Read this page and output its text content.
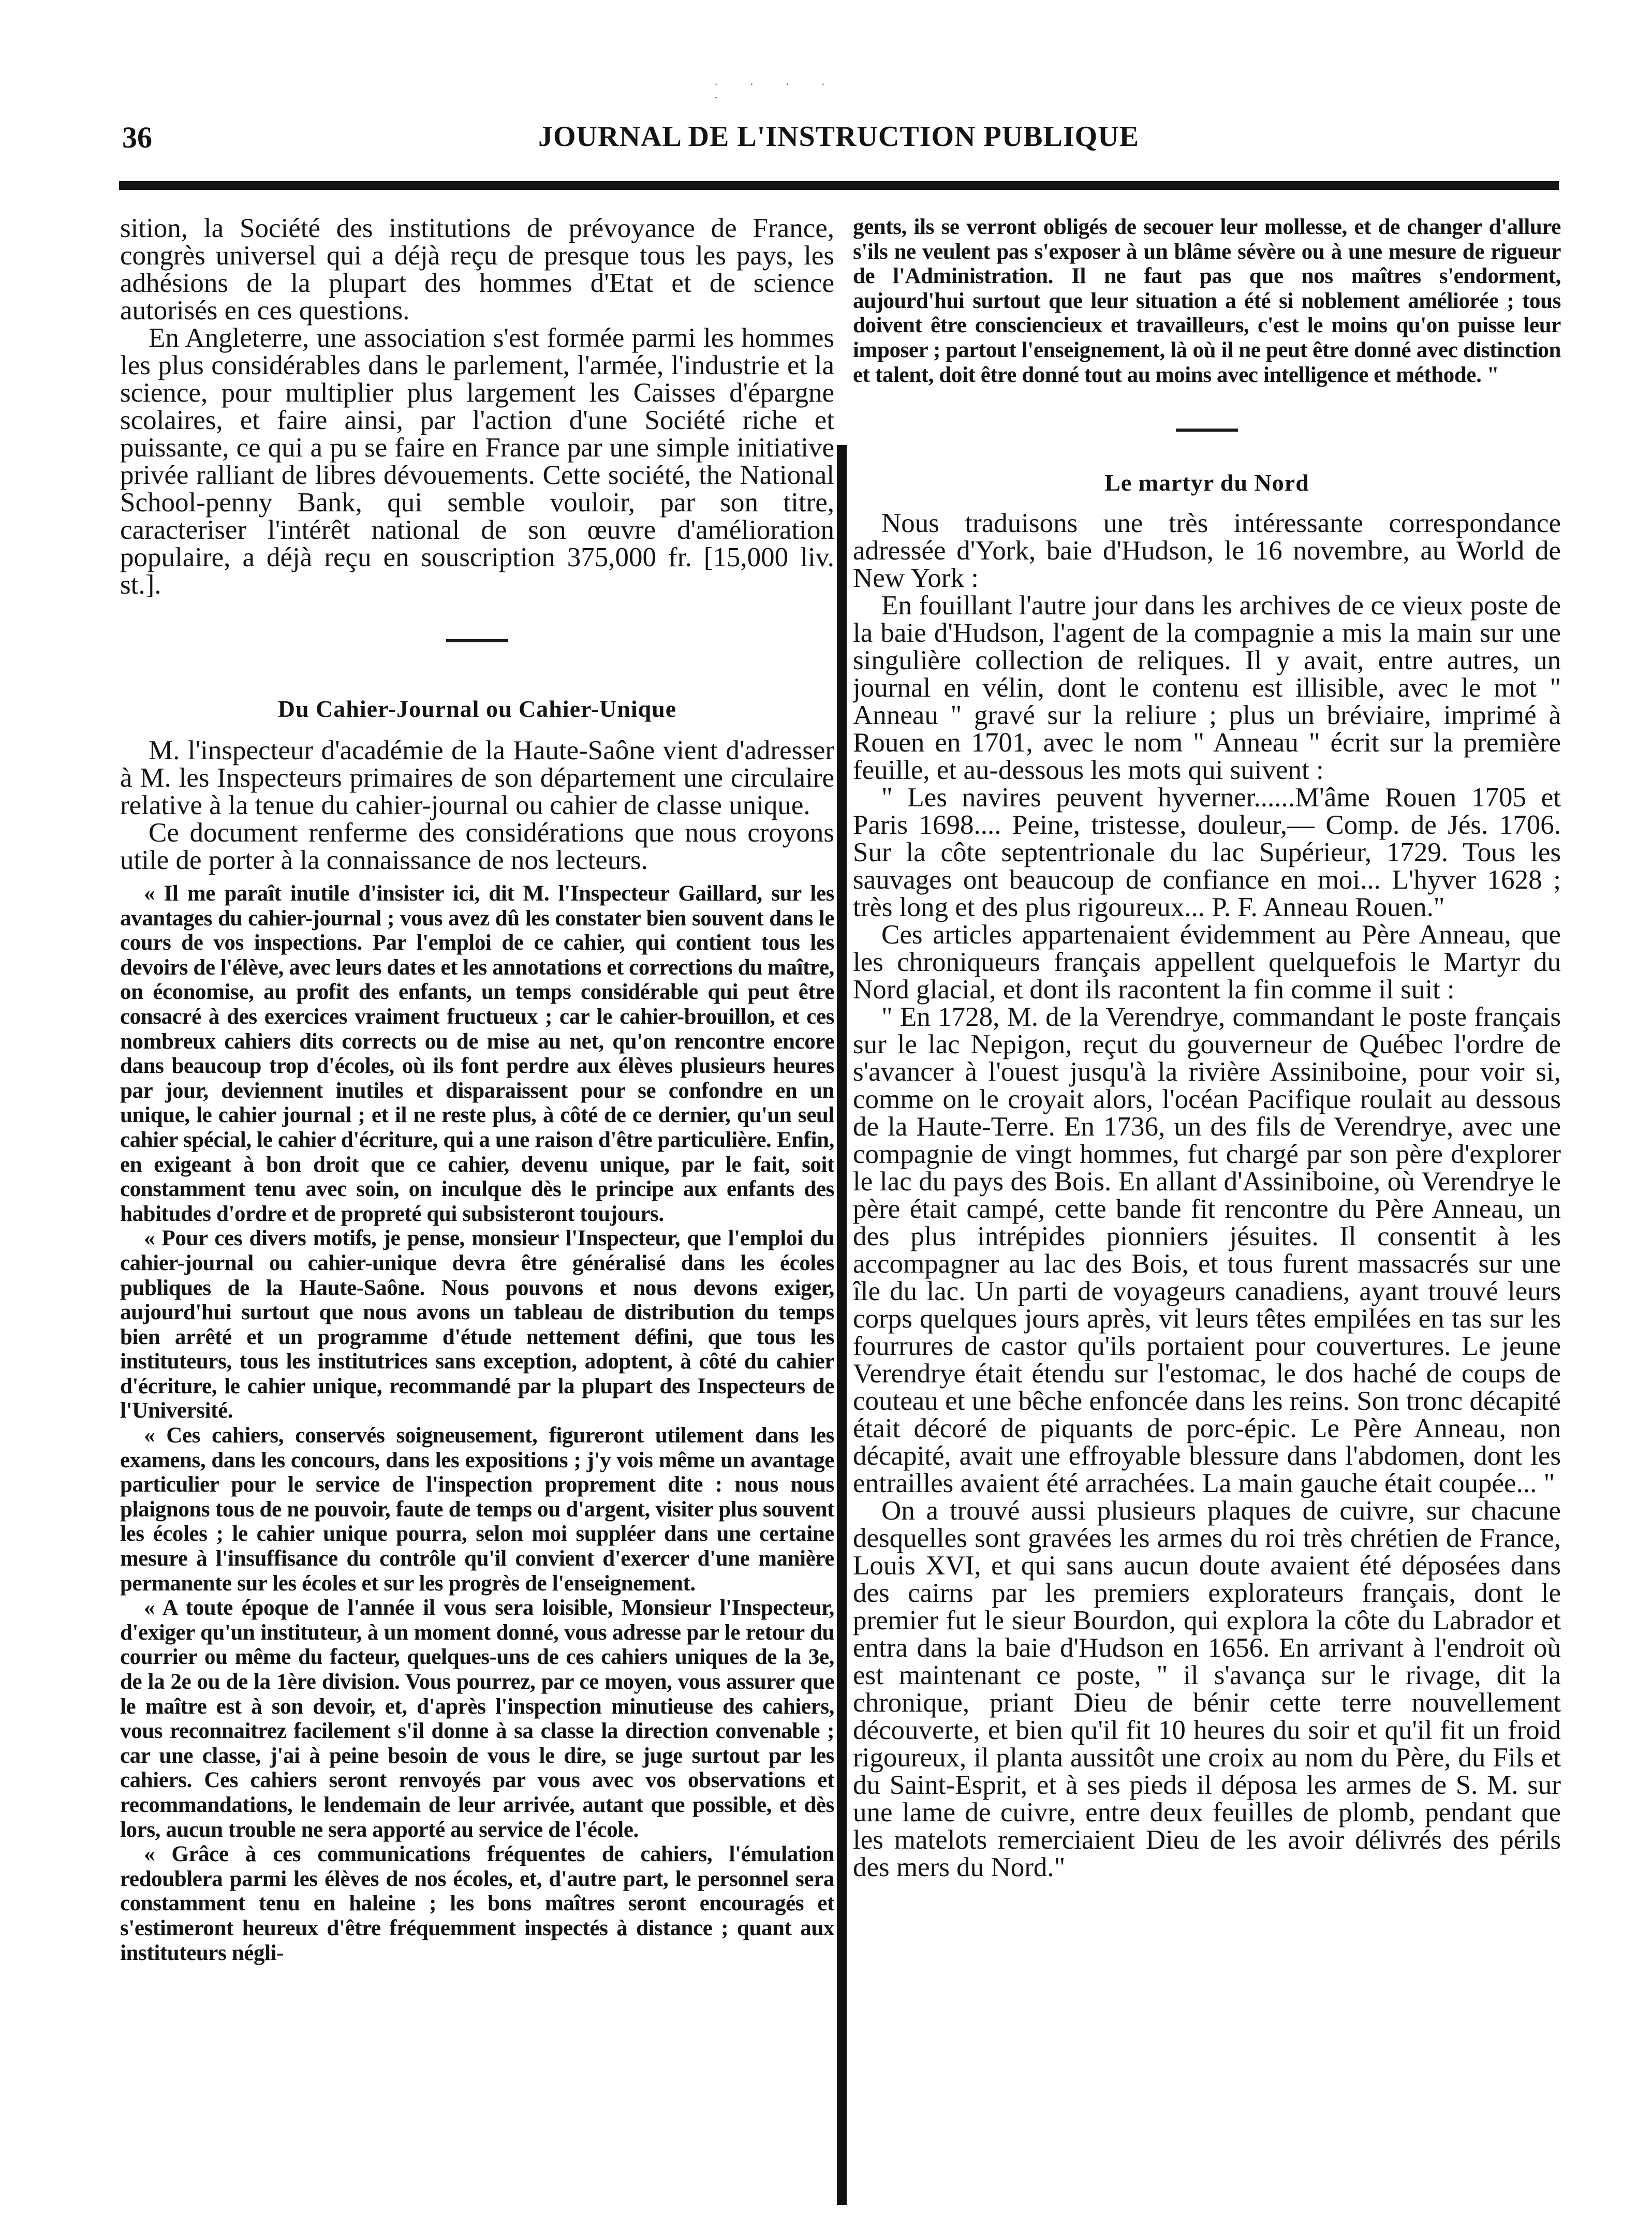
· · · · ·
36	JOURNAL DE L'INSTRUCTION PUBLIQUE

sition, la Société des institutions de prévoyance de France, congrès universel qui a déjà reçu de presque tous les pays, les adhésions de la plupart des hommes d'Etat et de science autorisés en ces questions.

En Angleterre, une association s'est formée parmi les hommes les plus considérables dans le parlement, l'armée, l'industrie et la science, pour multiplier plus largement les Caisses d'épargne scolaires, et faire ainsi, par l'action d'une Société riche et puissante, ce qui a pu se faire en France par une simple initiative privée ralliant de libres dévouements. Cette société, the National School-penny Bank, qui semble vouloir, par son titre, caracteriser l'intérêt national de son œuvre d'amélioration populaire, a déjà reçu en souscription 375,000 fr. [15,000 liv. st.].

Du Cahier-Journal ou Cahier-Unique

M. l'inspecteur d'académie de la Haute-Saône vient d'adresser à M. les Inspecteurs primaires de son département une circulaire relative à la tenue du cahier-journal ou cahier de classe unique.

Ce document renferme des considérations que nous croyons utile de porter à la connaissance de nos lecteurs.

« Il me paraît inutile d'insister ici, dit M. l'Inspecteur Gaillard, sur les avantages du cahier-journal ; vous avez dû les constater bien souvent dans le cours de vos inspections. Par l'emploi de ce cahier, qui contient tous les devoirs de l'élève, avec leurs dates et les annotations et corrections du maître, on économise, au profit des enfants, un temps considérable qui peut être consacré à des exercices vraiment fructueux ; car le cahier-brouillon, et ces nombreux cahiers dits corrects ou de mise au net, qu'on rencontre encore dans beaucoup trop d'écoles, où ils font perdre aux élèves plusieurs heures par jour, deviennent inutiles et disparaissent pour se confondre en un unique, le cahier journal ; et il ne reste plus, à côté de ce dernier, qu'un seul cahier spécial, le cahier d'écriture, qui a une raison d'être particulière. Enfin, en exigeant à bon droit que ce cahier, devenu unique, par le fait, soit constamment tenu avec soin, on inculque dès le principe aux enfants des habitudes d'ordre et de propreté qui subsisteront toujours.

« Pour ces divers motifs, je pense, monsieur l'Inspecteur, que l'emploi du cahier-journal ou cahier-unique devra être généralisé dans les écoles publiques de la Haute-Saône. Nous pouvons et nous devons exiger, aujourd'hui surtout que nous avons un tableau de distribution du temps bien arrêté et un programme d'étude nettement défini, que tous les instituteurs, tous les institutrices sans exception, adoptent, à côté du cahier d'écriture, le cahier unique, recommandé par la plupart des Inspecteurs de l'Université.

« Ces cahiers, conservés soigneusement, figureront utilement dans les examens, dans les concours, dans les expositions ; j'y vois même un avantage particulier pour le service de l'inspection proprement dite : nous nous plaignons tous de ne pouvoir, faute de temps ou d'argent, visiter plus souvent les écoles ; le cahier unique pourra, selon moi suppléer dans une certaine mesure à l'insuffisance du contrôle qu'il convient d'exercer d'une manière permanente sur les écoles et sur les progrès de l'enseignement.

« A toute époque de l'année il vous sera loisible, Monsieur l'Inspecteur, d'exiger qu'un instituteur, à un moment donné, vous adresse par le retour du courrier ou même du facteur, quelques-uns de ces cahiers uniques de la 3e, de la 2e ou de la 1ère division. Vous pourrez, par ce moyen, vous assurer que le maître est à son devoir, et, d'après l'inspection minutieuse des cahiers, vous reconnaitrez facilement s'il donne à sa classe la direction convenable ; car une classe, j'ai à peine besoin de vous le dire, se juge surtout par les cahiers. Ces cahiers seront renvoyés par vous avec vos observations et recommandations, le lendemain de leur arrivée, autant que possible, et dès lors, aucun trouble ne sera apporté au service de l'école.

« Grâce à ces communications fréquentes de cahiers, l'émulation redoublera parmi les élèves de nos écoles, et, d'autre part, le personnel sera constamment tenu en haleine ; les bons maîtres seront encouragés et s'estimeront heureux d'être fréquemment inspectés à distance ; quant aux instituteurs négli-

gents, ils se verront obligés de secouer leur mollesse, et de changer d'allure s'ils ne veulent pas s'exposer à un blâme sévère ou à une mesure de rigueur de l'Administration. Il ne faut pas que nos maîtres s'endorment, aujourd'hui surtout que leur situation a été si noblement améliorée ; tous doivent être consciencieux et travailleurs, c'est le moins qu'on puisse leur imposer ; partout l'enseignement, là où il ne peut être donné avec distinction et talent, doit être donné tout au moins avec intelligence et méthode. "

Le martyr du Nord

Nous traduisons une très intéressante correspondance adressée d'York, baie d'Hudson, le 16 novembre, au World de New York :

En fouillant l'autre jour dans les archives de ce vieux poste de la baie d'Hudson, l'agent de la compagnie a mis la main sur une singulière collection de reliques. Il y avait, entre autres, un journal en vélin, dont le contenu est illisible, avec le mot " Anneau " gravé sur la reliure ; plus un bréviaire, imprimé à Rouen en 1701, avec le nom " Anneau " écrit sur la première feuille, et au-dessous les mots qui suivent :

" Les navires peuvent hyverner......M'âme Rouen 1705 et Paris 1698.... Peine, tristesse, douleur,— Comp. de Jés. 1706. Sur la côte septentrionale du lac Supérieur, 1729. Tous les sauvages ont beaucoup de confiance en moi... L'hyver 1628 ; très long et des plus rigoureux... P. F. Anneau Rouen."

Ces articles appartenaient évidemment au Père Anneau, que les chroniqueurs français appellent quelquefois le Martyr du Nord glacial, et dont ils racontent la fin comme il suit :

" En 1728, M. de la Verendrye, commandant le poste français sur le lac Nepigon, reçut du gouverneur de Québec l'ordre de s'avancer à l'ouest jusqu'à la rivière Assiniboine, pour voir si, comme on le croyait alors, l'océan Pacifique roulait au dessous de la Haute-Terre. En 1736, un des fils de Verendrye, avec une compagnie de vingt hommes, fut chargé par son père d'explorer le lac du pays des Bois. En allant d'Assiniboine, où Verendrye le père était campé, cette bande fit rencontre du Père Anneau, un des plus intrépides pionniers jésuites. Il consentit à les accompagner au lac des Bois, et tous furent massacrés sur une île du lac. Un parti de voyageurs canadiens, ayant trouvé leurs corps quelques jours après, vit leurs têtes empilées en tas sur les fourrures de castor qu'ils portaient pour couvertures. Le jeune Verendrye était étendu sur l'estomac, le dos haché de coups de couteau et une bêche enfoncée dans les reins. Son tronc décapité était décoré de piquants de porc-épic. Le Père Anneau, non décapité, avait une effroyable blessure dans l'abdomen, dont les entrailles avaient été arrachées. La main gauche était coupée... "

On a trouvé aussi plusieurs plaques de cuivre, sur chacune desquelles sont gravées les armes du roi très chrétien de France, Louis XVI, et qui sans aucun doute avaient été déposées dans des cairns par les premiers explorateurs français, dont le premier fut le sieur Bourdon, qui explora la côte du Labrador et entra dans la baie d'Hudson en 1656. En arrivant à l'endroit où est maintenant ce poste, " il s'avança sur le rivage, dit la chronique, priant Dieu de bénir cette terre nouvellement découverte, et bien qu'il fit 10 heures du soir et qu'il fit un froid rigoureux, il planta aussitôt une croix au nom du Père, du Fils et du Saint-Esprit, et à ses pieds il déposa les armes de S. M. sur une lame de cuivre, entre deux feuilles de plomb, pendant que les matelots remerciaient Dieu de les avoir délivrés des périls des mers du Nord."
